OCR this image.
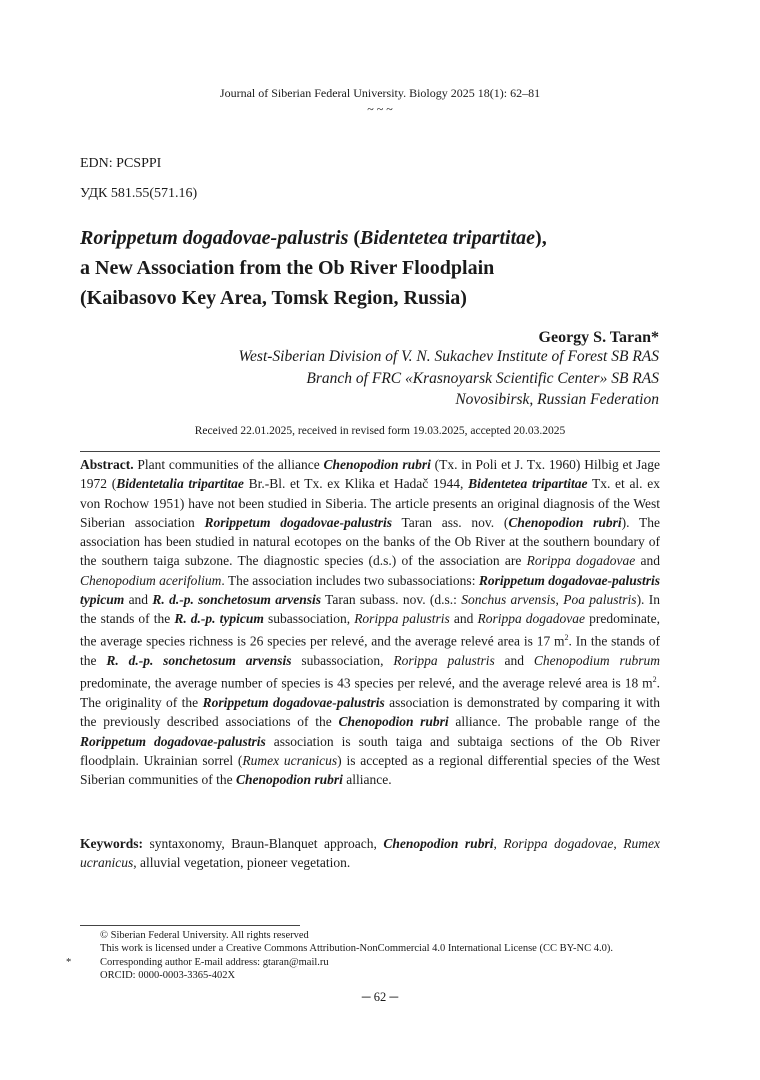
Journal of Siberian Federal University. Biology 2025 18(1): 62–81
~ ~ ~
EDN: PCSPPI
УДК 581.55(571.16)
Rorippetum dogadovae-palustris (Bidentetea tripartitae),
a New Association from the Ob River Floodplain
(Kaibasovo Key Area, Tomsk Region, Russia)
Georgy S. Taran*
West-Siberian Division of V. N. Sukachev Institute of Forest SB RAS
Branch of FRC «Krasnoyarsk Scientific Center» SB RAS
Novosibirsk, Russian Federation
Received 22.01.2025, received in revised form 19.03.2025, accepted 20.03.2025
Abstract. Plant communities of the alliance Chenopodion rubri (Tx. in Poli et J. Tx. 1960) Hilbig et Jage 1972 (Bidentetalia tripartitae Br.-Bl. et Tx. ex Klika et Hadač 1944, Bidentetea tripartitae Tx. et al. ex von Rochow 1951) have not been studied in Siberia. The article presents an original diagnosis of the West Siberian association Rorippetum dogadovae-palustris Taran ass. nov. (Chenopodion rubri). The association has been studied in natural ecotopes on the banks of the Ob River at the southern boundary of the southern taiga subzone. The diagnostic species (d.s.) of the association are Rorippa dogadovae and Chenopodium acerifolium. The association includes two subassociations: Rorippetum dogadovae-palustris typicum and R. d.-p. sonchetosum arvensis Taran subass. nov. (d.s.: Sonchus arvensis, Poa palustris). In the stands of the R. d.-p. typicum subassociation, Rorippa palustris and Rorippa dogadovae predominate, the average species richness is 26 species per relevé, and the average relevé area is 17 $m^2$. In the stands of the R. d.-p. sonchetosum arvensis subassociation, Rorippa palustris and Chenopodium rubrum predominate, the average number of species is 43 species per relevé, and the average relevé area is 18 $m^2$. The originality of the Rorippetum dogadovae-palustris association is demonstrated by comparing it with the previously described associations of the Chenopodion rubri alliance. The probable range of the Rorippetum dogadovae-palustris association is south taiga and subtaiga sections of the Ob River floodplain. Ukrainian sorrel (Rumex ucranicus) is accepted as a regional differential species of the West Siberian communities of the Chenopodion rubri alliance.
Keywords: syntaxonomy, Braun-Blanquet approach, Chenopodion rubri, Rorippa dogadovae, Rumex ucranicus, alluvial vegetation, pioneer vegetation.
© Siberian Federal University. All rights reserved
This work is licensed under a Creative Commons Attribution-NonCommercial 4.0 International License (CC BY-NC 4.0).
*	Corresponding author E-mail address: gtaran@mail.ru
ORCID: 0000-0003-3365-402X
─ 62 ─
